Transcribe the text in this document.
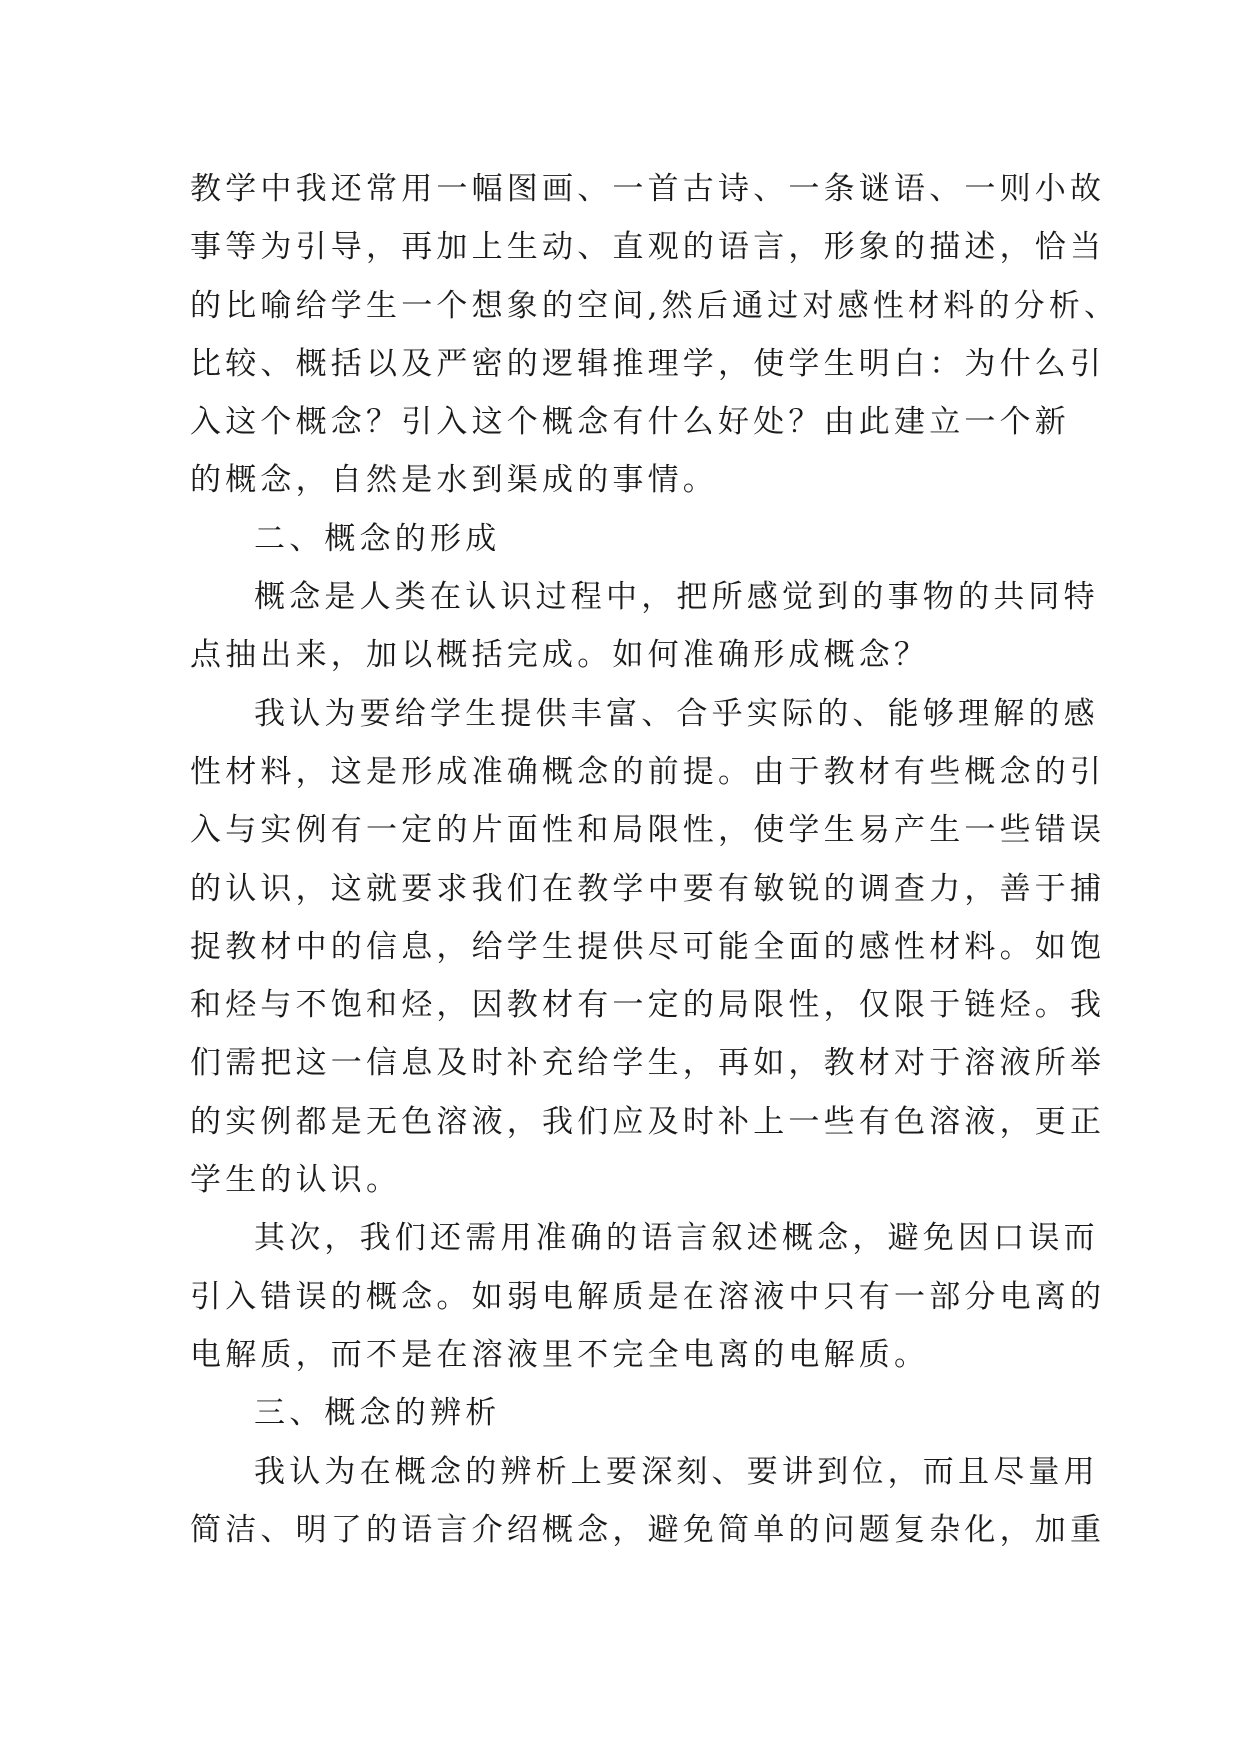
教学中我还常用一幅图画、一首古诗、一条谜语、一则小故
事等为引导，再加上生动、直观的语言，形象的描述，恰当
的比喻给学生一个想象的空间,然后通过对感性材料的分析、
比较、概括以及严密的逻辑推理学，使学生明白：为什么引
入这个概念？引入这个概念有什么好处？由此建立一个新
的概念，自然是水到渠成的事情。
二、概念的形成
概念是人类在认识过程中，把所感觉到的事物的共同特
点抽出来，加以概括完成。如何准确形成概念？
我认为要给学生提供丰富、合乎实际的、能够理解的感
性材料，这是形成准确概念的前提。由于教材有些概念的引
入与实例有一定的片面性和局限性，使学生易产生一些错误
的认识，这就要求我们在教学中要有敏锐的调查力，善于捕
捉教材中的信息，给学生提供尽可能全面的感性材料。如饱
和烃与不饱和烃，因教材有一定的局限性，仅限于链烃。我
们需把这一信息及时补充给学生，再如，教材对于溶液所举
的实例都是无色溶液，我们应及时补上一些有色溶液，更正
学生的认识。
其次，我们还需用准确的语言叙述概念，避免因口误而
引入错误的概念。如弱电解质是在溶液中只有一部分电离的
电解质，而不是在溶液里不完全电离的电解质。
三、概念的辨析
我认为在概念的辨析上要深刻、要讲到位，而且尽量用
简洁、明了的语言介绍概念，避免简单的问题复杂化，加重
